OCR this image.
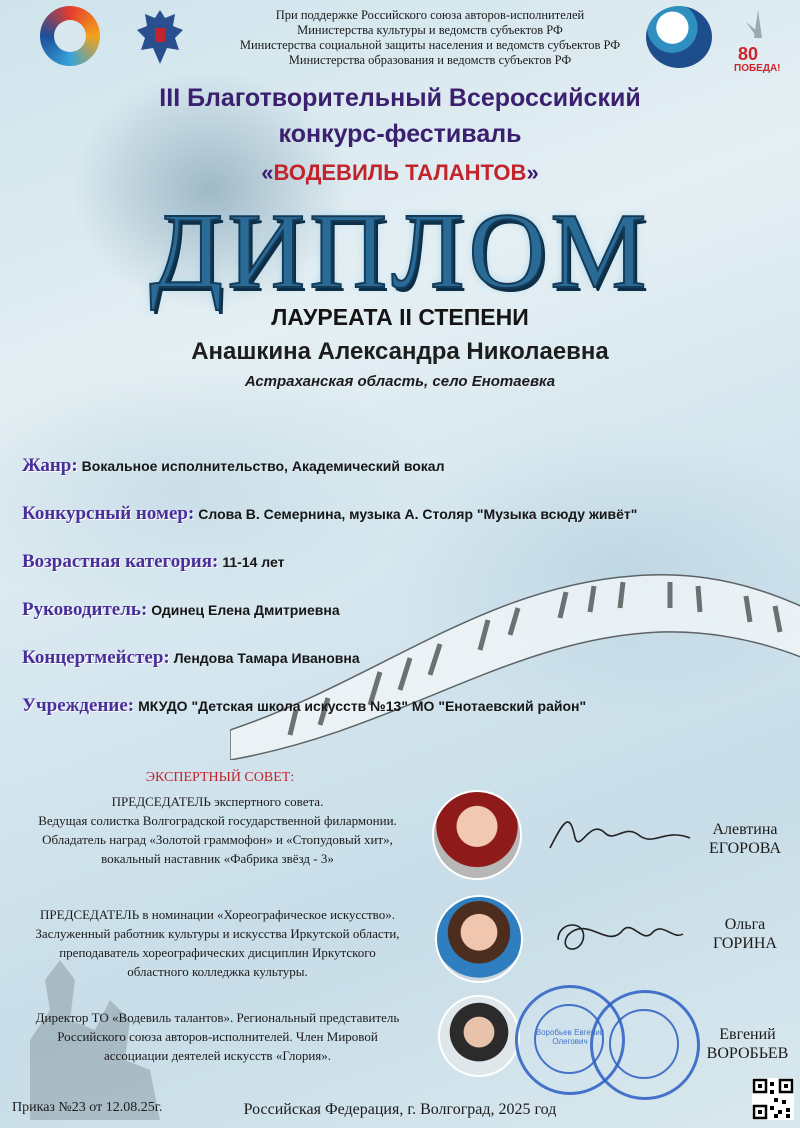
80
ПОБЕДА!
При поддержке Российского союза авторов-исполнителей
Министерства культуры и ведомств субъектов РФ
Министерства социальной защиты населения и ведомств субъектов РФ
Министерства образования и ведомств субъектов РФ
III Благотворительный Всероссийский
конкурс-фестиваль
«ВОДЕВИЛЬ ТАЛАНТОВ»
ДИПЛОМ
ЛАУРЕАТА II СТЕПЕНИ
Анашкина Александра Николаевна
Астраханская область, село Енотаевка
Жанр: Вокальное исполнительство, Академический вокал
Конкурсный номер: Слова В. Семернина, музыка А. Столяр "Музыка всюду живёт"
Возрастная категория: 11-14 лет
Руководитель: Одинец Елена Дмитриевна
Концертмейстер: Лендова Тамара Ивановна
Учреждение: МКУДО "Детская школа искусств №13" МО "Енотаевский район"
ЭКСПЕРТНЫЙ СОВЕТ:
ПРЕДСЕДАТЕЛЬ экспертного совета.
Ведущая солистка Волгоградской государственной филармонии.
Обладатель наград «Золотой граммофон» и «Стопудовый хит»,
вокальный наставник «Фабрика звёзд - 3»
Алевтина
ЕГОРОВА
ПРЕДСЕДАТЕЛЬ в номинации «Хореографическое искусство».
Заслуженный работник культуры и искусства Иркутской области,
преподаватель хореографических дисциплин Иркутского
областного колледжка культуры.
Ольга
ГОРИНА
Директор ТО «Водевиль талантов». Региональный представитель
Российского союза авторов-исполнителей. Член Мировой
ассоциации деятелей искусств «Глория».
Воробьев Евгений Олегович	Евгений
ВОРОБЬЕВ
Приказ №23 от 12.08.25г.	Российская Федерация, г. Волгоград, 2025 год
